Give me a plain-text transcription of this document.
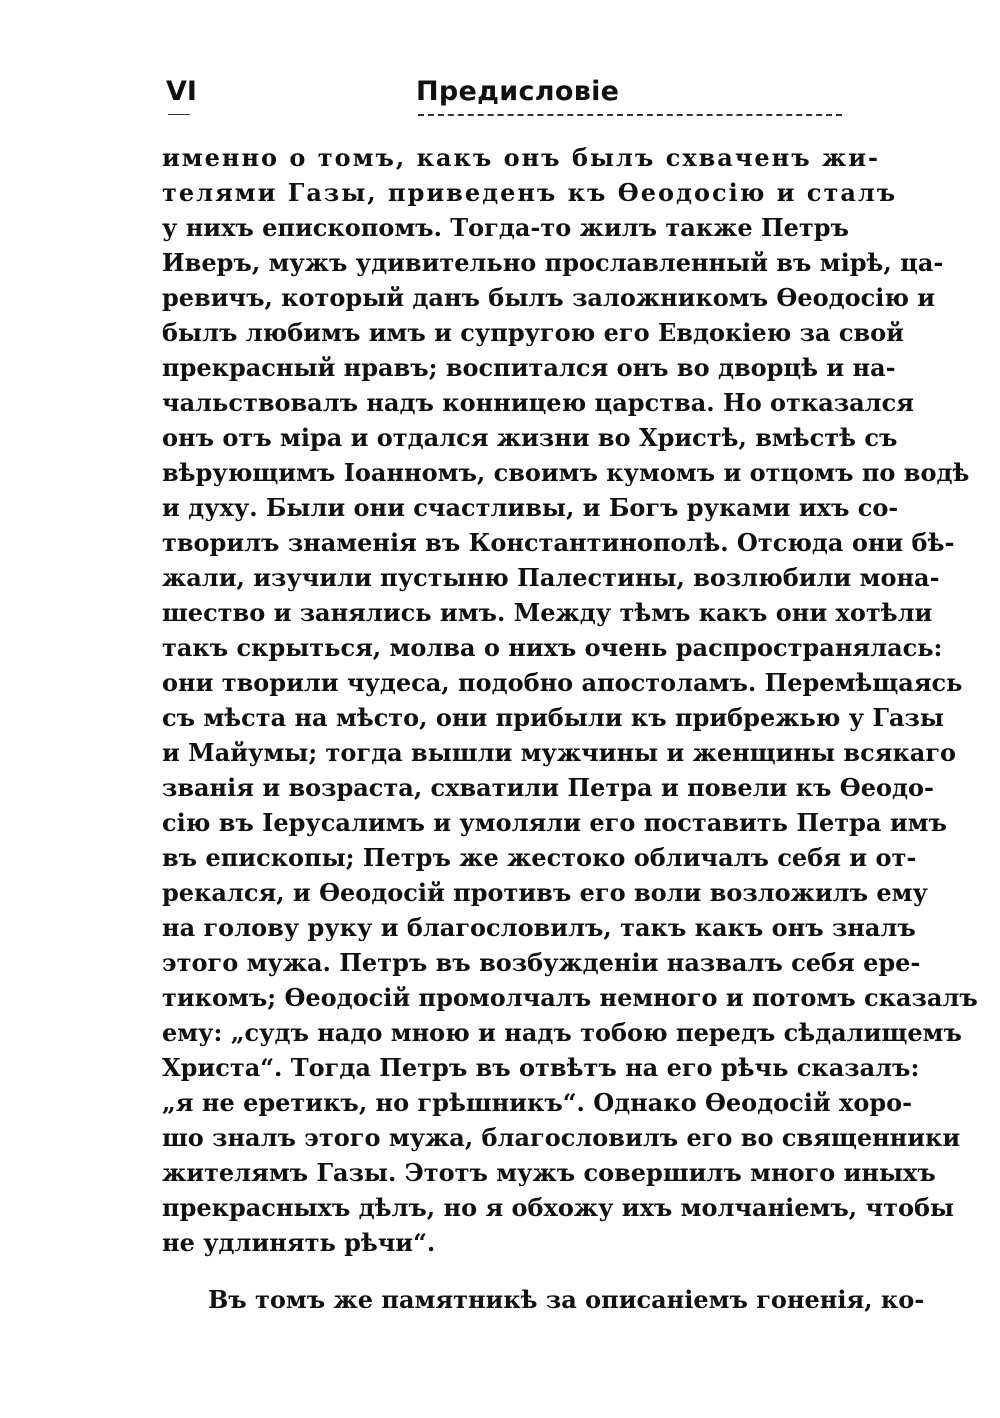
VI	Предисловіе
именно о томъ, какъ онъ былъ схваченъ жи-
телями Газы, приведенъ къ Ѳеодосію и сталъ
у нихъ епископомъ. Тогда-то жилъ также Петръ
Иверъ, мужъ удивительно прославленный въ мірѣ, ца-
ревичъ, который данъ былъ заложникомъ Ѳеодосію и
былъ любимъ имъ и супругою его Евдокіею за свой
прекрасный нравъ; воспитался онъ во дворцѣ и на-
чальствовалъ надъ конницею царства. Но отказался
онъ отъ міра и отдался жизни во Христѣ, вмѣстѣ съ
вѣрующимъ Іоанномъ, своимъ кумомъ и отцомъ по водѣ
и духу. Были они счастливы, и Богъ руками ихъ со-
творилъ знаменія въ Константинополѣ. Отсюда они бѣ-
жали, изучили пустыню Палестины, возлюбили мона-
шество и занялись имъ. Между тѣмъ какъ они хотѣли
такъ скрыться, молва о нихъ очень распространялась:
они творили чудеса, подобно апостоламъ. Перемѣщаясь
съ мѣста на мѣсто, они прибыли къ прибрежью у Газы
и Майумы; тогда вышли мужчины и женщины всякаго
званія и возраста, схватили Петра и повели къ Ѳеодо-
сію въ Іерусалимъ и умоляли его поставить Петра имъ
въ епископы; Петръ же жестоко обличалъ себя и от-
рекался, и Ѳеодосій противъ его воли возложилъ ему
на голову руку и благословилъ, такъ какъ онъ зналъ
этого мужа. Петръ въ возбужденіи назвалъ себя ере-
тикомъ; Ѳеодосій промолчалъ немного и потомъ сказалъ
ему: „судъ надо мною и надъ тобою передъ сѣдалищемъ
Христа“. Тогда Петръ въ отвѣтъ на его рѣчь сказалъ:
„я не еретикъ, но грѣшникъ“. Однако Ѳеодосій хоро-
шо зналъ этого мужа, благословилъ его во священники
жителямъ Газы. Этотъ мужъ совершилъ много иныхъ
прекрасныхъ дѣлъ, но я обхожу ихъ молчаніемъ, чтобы
не удлинять рѣчи“.
Въ томъ же памятникѣ за описаніемъ гоненія, ко-
